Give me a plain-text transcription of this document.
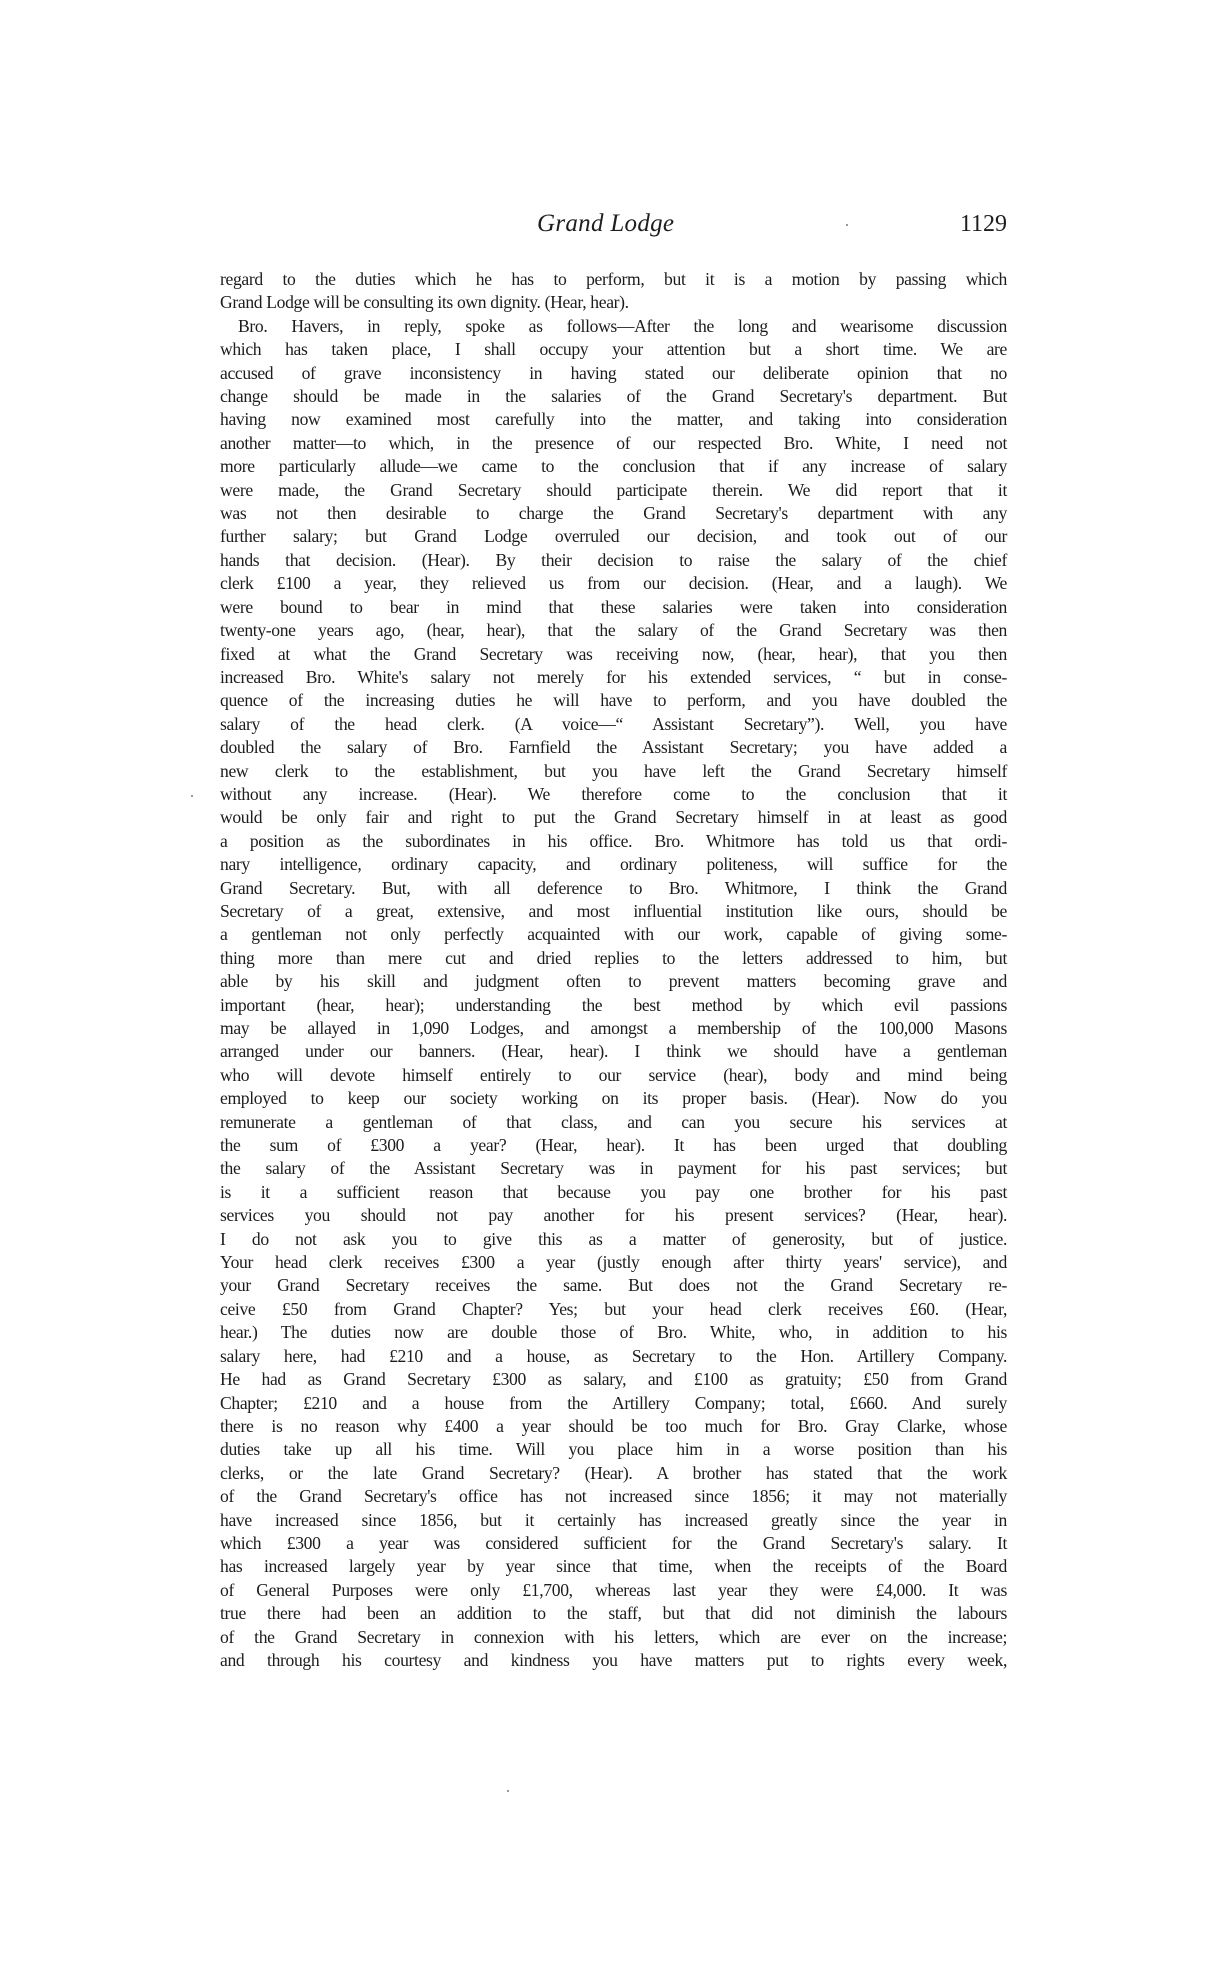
Grand Lodge	1129
regard to the duties which he has to perform, but it is a motion by passing which
Grand Lodge will be consulting its own dignity. (Hear, hear).
Bro. Havers, in reply, spoke as follows—After the long and wearisome discussion
which has taken place, I shall occupy your attention but a short time. We are
accused of grave inconsistency in having stated our deliberate opinion that no
change should be made in the salaries of the Grand Secretary's department. But
having now examined most carefully into the matter, and taking into consideration
another matter—to which, in the presence of our respected Bro. White, I need not
more particularly allude—we came to the conclusion that if any increase of salary
were made, the Grand Secretary should participate therein. We did report that it
was not then desirable to charge the Grand Secretary's department with any
further salary; but Grand Lodge overruled our decision, and took out of our
hands that decision. (Hear). By their decision to raise the salary of the chief
clerk £100 a year, they relieved us from our decision. (Hear, and a laugh). We
were bound to bear in mind that these salaries were taken into consideration
twenty-one years ago, (hear, hear), that the salary of the Grand Secretary was then
fixed at what the Grand Secretary was receiving now, (hear, hear), that you then
increased Bro. White's salary not merely for his extended services, “ but in conse-
quence of the increasing duties he will have to perform, and you have doubled the
salary of the head clerk. (A voice—“ Assistant Secretary”). Well, you have
doubled the salary of Bro. Farnfield the Assistant Secretary; you have added a
new clerk to the establishment, but you have left the Grand Secretary himself
without any increase. (Hear). We therefore come to the conclusion that it
would be only fair and right to put the Grand Secretary himself in at least as good
a position as the subordinates in his office. Bro. Whitmore has told us that ordi-
nary intelligence, ordinary capacity, and ordinary politeness, will suffice for the
Grand Secretary. But, with all deference to Bro. Whitmore, I think the Grand
Secretary of a great, extensive, and most influential institution like ours, should be
a gentleman not only perfectly acquainted with our work, capable of giving some-
thing more than mere cut and dried replies to the letters addressed to him, but
able by his skill and judgment often to prevent matters becoming grave and
important (hear, hear); understanding the best method by which evil passions
may be allayed in 1,090 Lodges, and amongst a membership of the 100,000 Masons
arranged under our banners. (Hear, hear). I think we should have a gentleman
who will devote himself entirely to our service (hear), body and mind being
employed to keep our society working on its proper basis. (Hear). Now do you
remunerate a gentleman of that class, and can you secure his services at
the sum of £300 a year? (Hear, hear). It has been urged that doubling
the salary of the Assistant Secretary was in payment for his past services; but
is it a sufficient reason that because you pay one brother for his past
services you should not pay another for his present services? (Hear, hear).
I do not ask you to give this as a matter of generosity, but of justice.
Your head clerk receives £300 a year (justly enough after thirty years' service), and
your Grand Secretary receives the same. But does not the Grand Secretary re-
ceive £50 from Grand Chapter? Yes; but your head clerk receives £60. (Hear,
hear.) The duties now are double those of Bro. White, who, in addition to his
salary here, had £210 and a house, as Secretary to the Hon. Artillery Company.
He had as Grand Secretary £300 as salary, and £100 as gratuity; £50 from Grand
Chapter; £210 and a house from the Artillery Company; total, £660. And surely
there is no reason why £400 a year should be too much for Bro. Gray Clarke, whose
duties take up all his time. Will you place him in a worse position than his
clerks, or the late Grand Secretary? (Hear). A brother has stated that the work
of the Grand Secretary's office has not increased since 1856; it may not materially
have increased since 1856, but it certainly has increased greatly since the year in
which £300 a year was considered sufficient for the Grand Secretary's salary. It
has increased largely year by year since that time, when the receipts of the Board
of General Purposes were only £1,700, whereas last year they were £4,000. It was
true there had been an addition to the staff, but that did not diminish the labours
of the Grand Secretary in connexion with his letters, which are ever on the increase;
and through his courtesy and kindness you have matters put to rights every week,
